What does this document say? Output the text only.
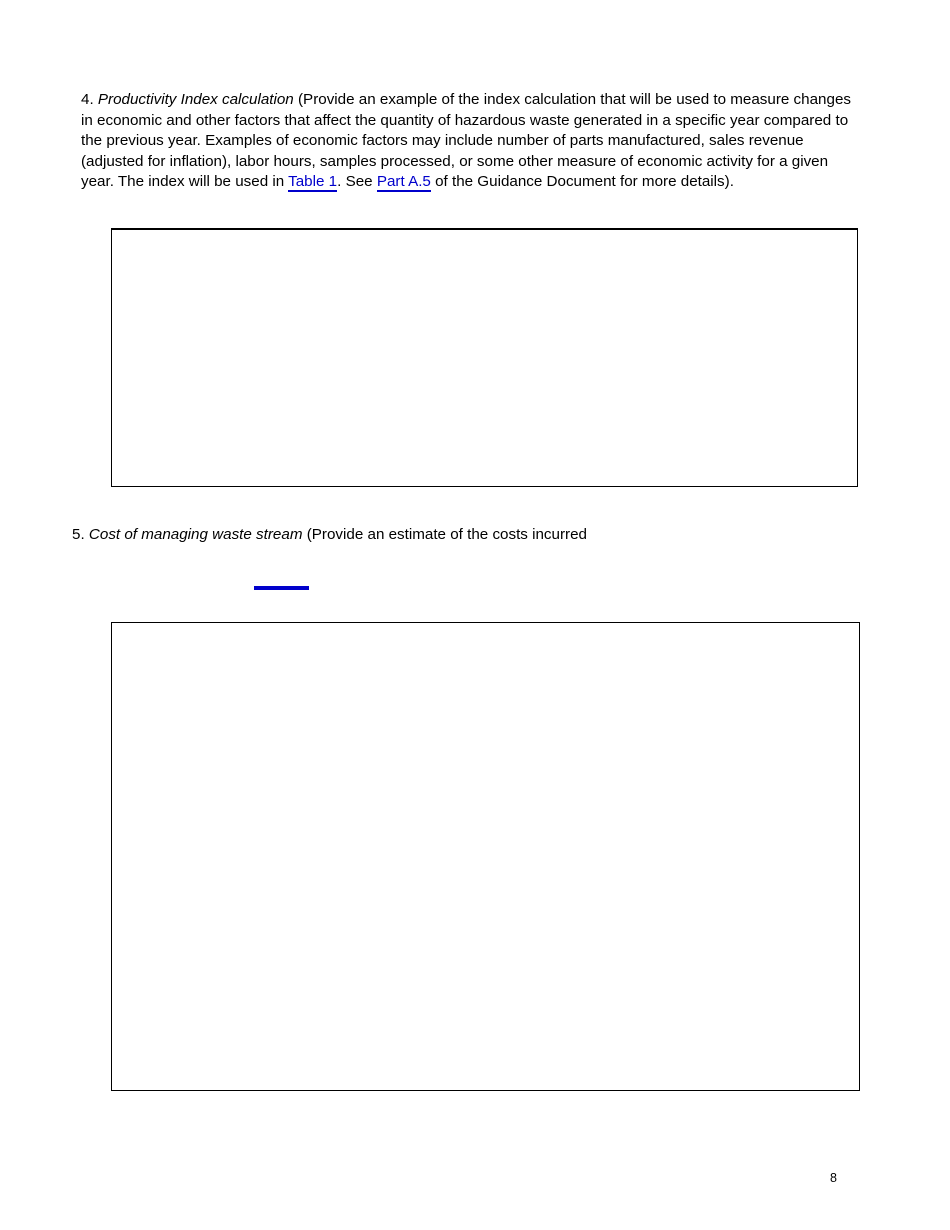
4. Productivity Index calculation (Provide an example of the index calculation that will be used to measure changes in economic and other factors that affect the quantity of hazardous waste generated in a specific year compared to the previous year. Examples of economic factors may include number of parts manufactured, sales revenue (adjusted for inflation), labor hours, samples processed, or some other measure of economic activity for a given year. The index will be used in Table 1. See Part A.5 of the Guidance Document for more details).
5. Cost of managing waste stream (Provide an estimate of the costs incurred
8
